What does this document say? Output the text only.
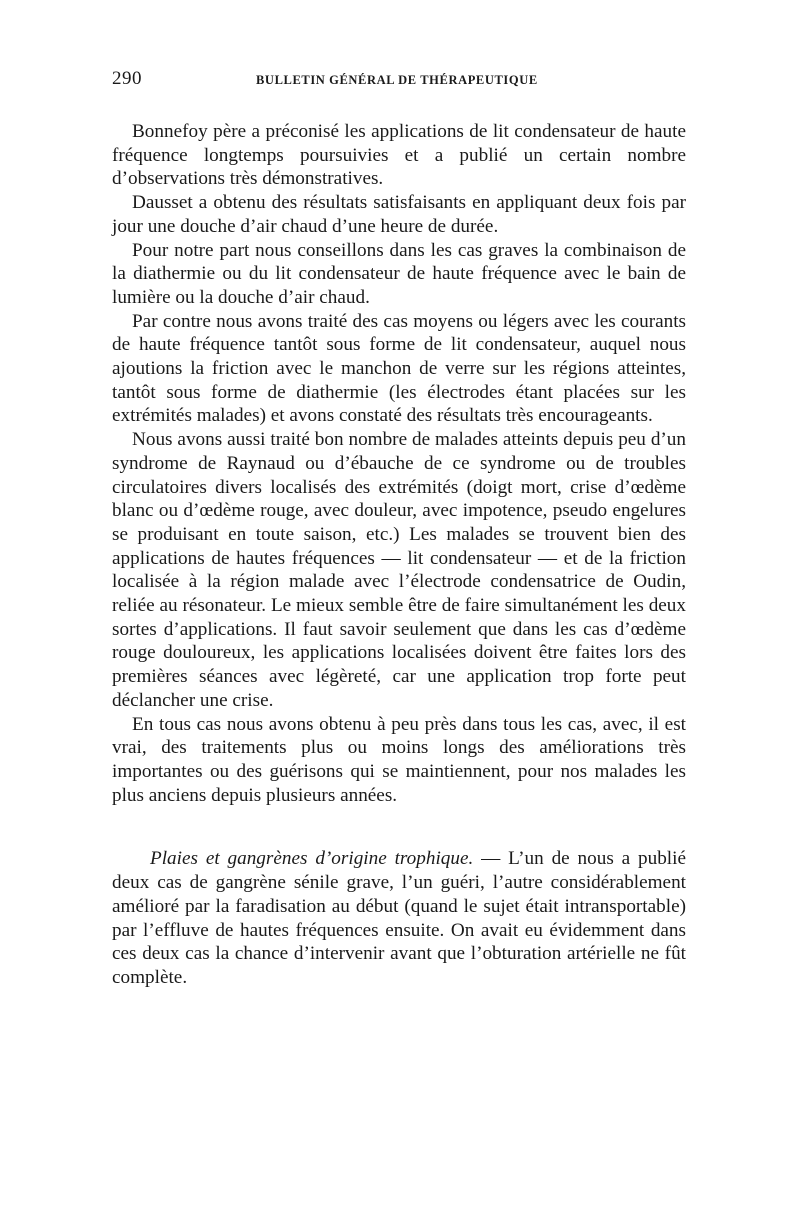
290	BULLETIN GÉNÉRAL DE THÉRAPEUTIQUE

Bonnefoy père a préconisé les applications de lit condensateur de haute fréquence longtemps poursuivies et a publié un certain nombre d’observations très démonstratives.

Dausset a obtenu des résultats satisfaisants en appliquant deux fois par jour une douche d’air chaud d’une heure de durée.

Pour notre part nous conseillons dans les cas graves la combinaison de la diathermie ou du lit condensateur de haute fréquence avec le bain de lumière ou la douche d’air chaud.

Par contre nous avons traité des cas moyens ou légers avec les courants de haute fréquence tantôt sous forme de lit condensateur, auquel nous ajoutions la friction avec le manchon de verre sur les régions atteintes, tantôt sous forme de diathermie (les électrodes étant placées sur les extrémités malades) et avons constaté des résultats très encourageants.

Nous avons aussi traité bon nombre de malades atteints depuis peu d’un syndrome de Raynaud ou d’ébauche de ce syndrome ou de troubles circulatoires divers localisés des extrémités (doigt mort, crise d’œdème blanc ou d’œdème rouge, avec douleur, avec impotence, pseudo engelures se produisant en toute saison, etc.) Les malades se trouvent bien des applications de hautes fréquences — lit condensateur — et de la friction localisée à la région malade avec l’électrode condensatrice de Oudin, reliée au résonateur. Le mieux semble être de faire simultanément les deux sortes d’applications. Il faut savoir seulement que dans les cas d’œdème rouge douloureux, les applications localisées doivent être faites lors des premières séances avec légèreté, car une application trop forte peut déclancher une crise.

En tous cas nous avons obtenu à peu près dans tous les cas, avec, il est vrai, des traitements plus ou moins longs des améliorations très importantes ou des guérisons qui se maintiennent, pour nos malades les plus anciens depuis plusieurs années.

Plaies et gangrènes d’origine trophique. — L’un de nous a publié deux cas de gangrène sénile grave, l’un guéri, l’autre considérablement amélioré par la faradisation au début (quand le sujet était intransportable) par l’effluve de hautes fréquences ensuite. On avait eu évidemment dans ces deux cas la chance d’intervenir avant que l’obturation artérielle ne fût complète.
